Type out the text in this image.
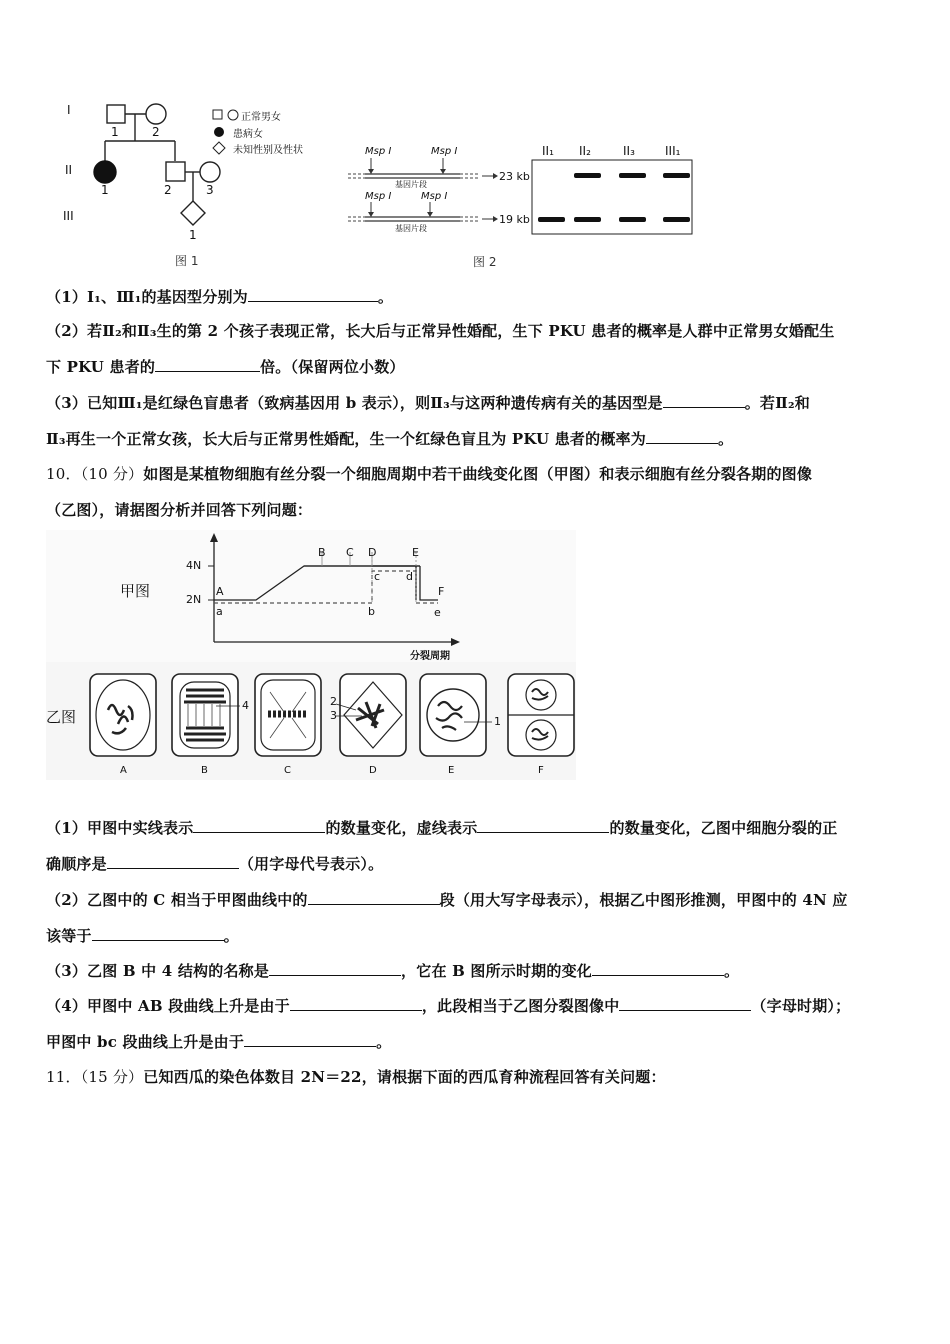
I
II
III
1	2
1	2	3
1
正常男女
患病女
未知性别及性状
图 1
Msp I	Msp I
Msp I	Msp I
基因片段
基因片段
23 kb
19 kb
II₁ II₂	II₃	III₁
图 2
（1）I₁、Ⅲ₁的基因型分别为	。
（2）若Ⅱ₂和Ⅱ₃生的第 2 个孩子表现正常，长大后与正常异性婚配，生下 PKU 患者的概率是人群中正常男女婚配生
下 PKU 患者的	倍。（保留两位小数）
（3）已知Ⅲ₁是红绿色盲患者（致病基因用 b 表示），则Ⅱ₃与这两种遗传病有关的基因型是	。若Ⅱ₂和
Ⅱ₃再生一个正常女孩，长大后与正常男性婚配，生一个红绿色盲且为 PKU 患者的概率为	。
10．（10 分）如图是某植物细胞有丝分裂一个细胞周期中若干曲线变化图（甲图）和表示细胞有丝分裂各期的图像
（乙图），请据图分析并回答下列问题：
甲图
4N
2N
A
B C D	E
F
a	b
c d
e
分裂周期
乙图
4	2
3	1
A	B	C	D	E	F
（1）甲图中实线表示	的数量变化，虚线表示	的数量变化，乙图中细胞分裂的正
确顺序是	（用字母代号表示）。
（2）乙图中的 C 相当于甲图曲线中的	段（用大写字母表示），根据乙中图形推测，甲图中的 4N 应
该等于	。
（3）乙图 B 中 4 结构的名称是	，它在 B 图所示时期的变化	。
（4）甲图中 AB 段曲线上升是由于	，此段相当于乙图分裂图像中	（字母时期）；
甲图中 bc 段曲线上升是由于	。
11．（15 分）已知西瓜的染色体数目 2N＝22，请根据下面的西瓜育种流程回答有关问题：
